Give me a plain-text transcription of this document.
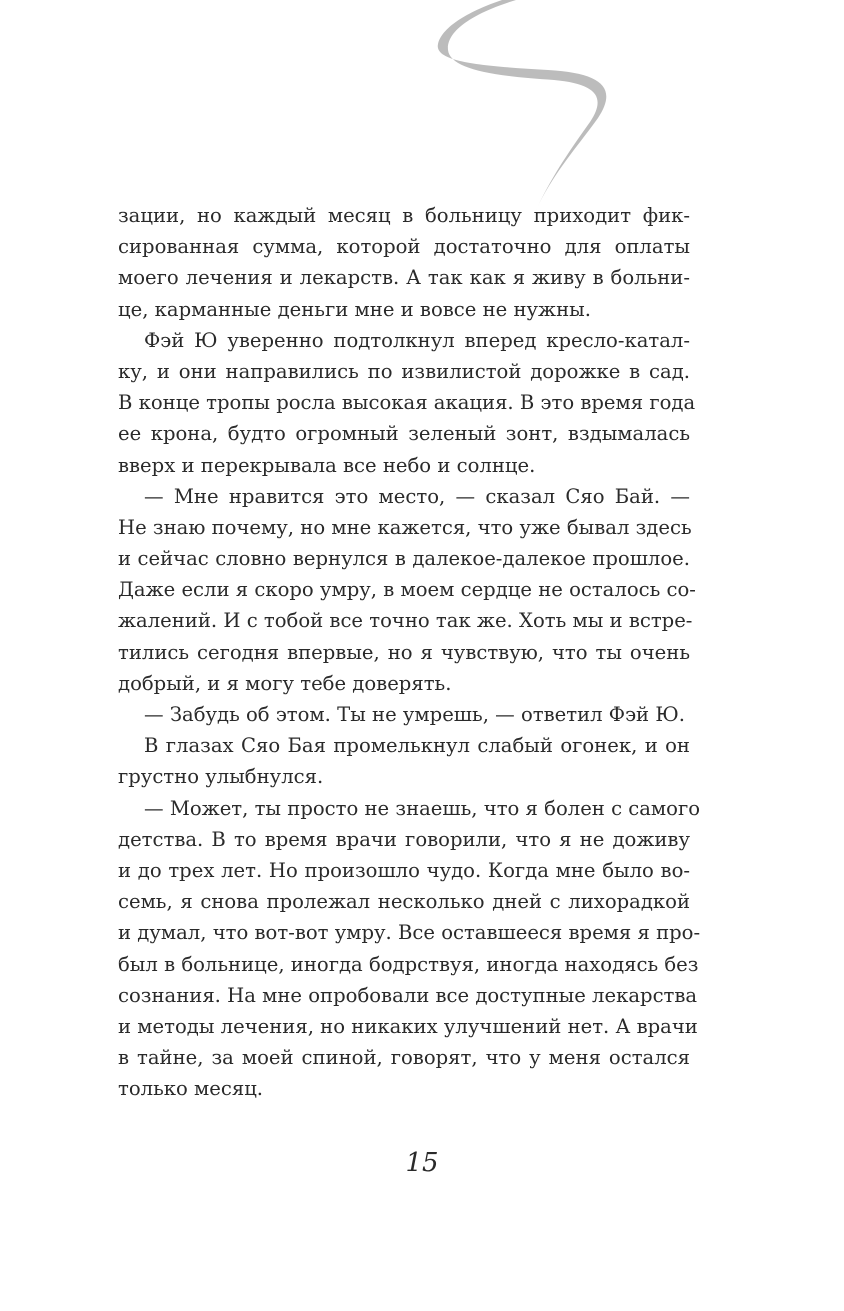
зации, но каждый месяц в больницу приходит фик-
сированная сумма, которой достаточно для оплаты
моего лечения и лекарств. А так как я живу в больни-
це, карманные деньги мне и вовсе не нужны.
Фэй Ю уверенно подтолкнул вперед кресло-катал-
ку, и они направились по извилистой дорожке в сад.
В конце тропы росла высокая акация. В это время года
ее крона, будто огромный зеленый зонт, вздымалась
вверх и перекрывала все небо и солнце.
— Мне нравится это место, — сказал Сяо Бай. —
Не знаю почему, но мне кажется, что уже бывал здесь
и сейчас словно вернулся в далекое-далекое прошлое.
Даже если я скоро умру, в моем сердце не осталось со-
жалений. И с тобой все точно так же. Хоть мы и встре-
тились сегодня впервые, но я чувствую, что ты очень
добрый, и я могу тебе доверять.
— Забудь об этом. Ты не умрешь, — ответил Фэй Ю.
В глазах Сяо Бая промелькнул слабый огонек, и он
грустно улыбнулся.
— Может, ты просто не знаешь, что я болен с самого
детства. В то время врачи говорили, что я не доживу
и до трех лет. Но произошло чудо. Когда мне было во-
семь, я снова пролежал несколько дней с лихорадкой
и думал, что вот-вот умру. Все оставшееся время я про-
был в больнице, иногда бодрствуя, иногда находясь без
сознания. На мне опробовали все доступные лекарства
и методы лечения, но никаких улучшений нет. А врачи
в тайне, за моей спиной, говорят, что у меня остался
только месяц.
15
